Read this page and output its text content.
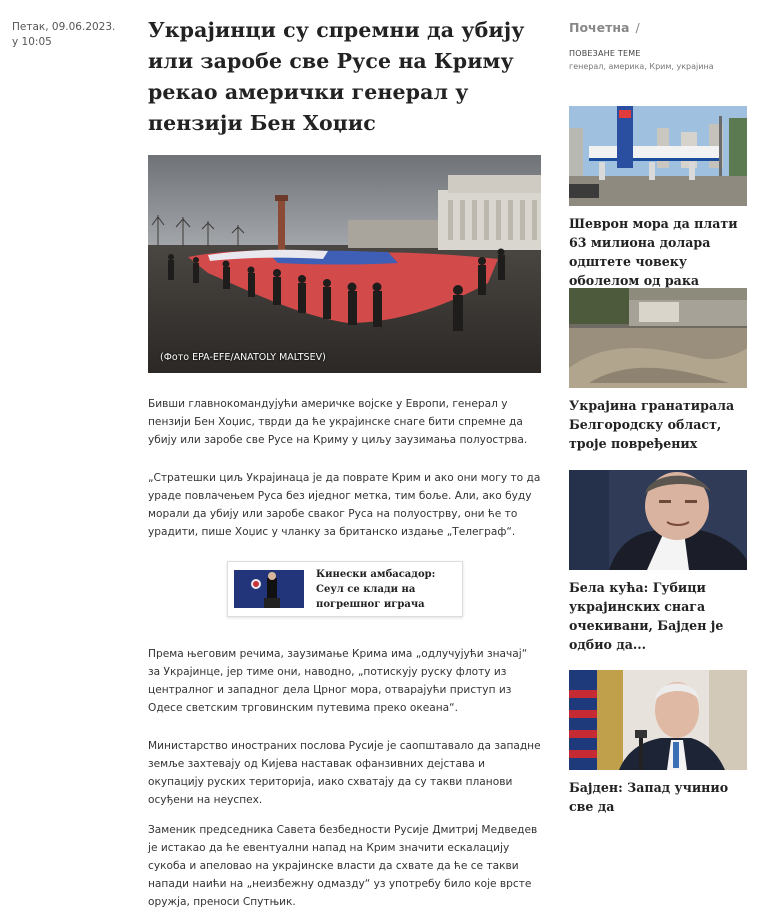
Петак, 09.06.2023. у 10:05	Украјинци су спремни да убију или заробе све Русе на Криму рекао амерички генерал у пензији Бен Хоџис
(Фото EPA-EFE/ANATOLY MALTSEV)

Бивши главнокомандујући америчке војске у Европи, генерал у пензији Бен Хоџис, тврди да ће украјинске снаге бити спремне да убију или заробе све Русе на Криму у циљу заузимања полуострва.

„Стратешки циљ Украјинаца је да поврате Крим и ако они могу то да ураде повлачењем Руса без иједног метка, тим боље. Али, ако буду морали да убију или заробе сваког Руса на полуострву, они ће то урадити, пише Хоџис у чланку за британско издање „Телеграф“.

Кинески амбасадор: Сеул се клади на погрешног играча

Према његовим речима, заузимање Крима има „одлучујући значај“ за Украјинце, јер тиме они, наводно, „потискују руску флоту из централног и западног дела Црног мора, отварајући приступ из Одесе светским трговинским путевима преко океана“.

Министарство иностраних послова Русије је саопштавало да западне земље захтевају од Кијева наставак офанзивних дејстава и окупацију руских територија, иако схватају да су такви планови осуђени на неуспех.

Заменик председника Савета безбедности Русије Дмитриј Медведев је истакао да ће евентуални напад на Крим значити ескалацију сукоба и апеловао на украјинске власти да схвате да ће се такви напади наићи на „неизбежну одмазду“ уз употребу било које врсте оружја, преноси Спутњик.

Почетна /
ПОВЕЗАНЕ ТЕМЕ
генерал, америка, Крим, украјина
Шеврон мора да плати 63 милиона долара одштете човеку оболелом од рака
Украјина гранатирала Белгородску област, троје повређених
Бела кућа: Губици украјинских снага очекивани, Бајден је одбио да...
Бајден: Запад учинио све да
